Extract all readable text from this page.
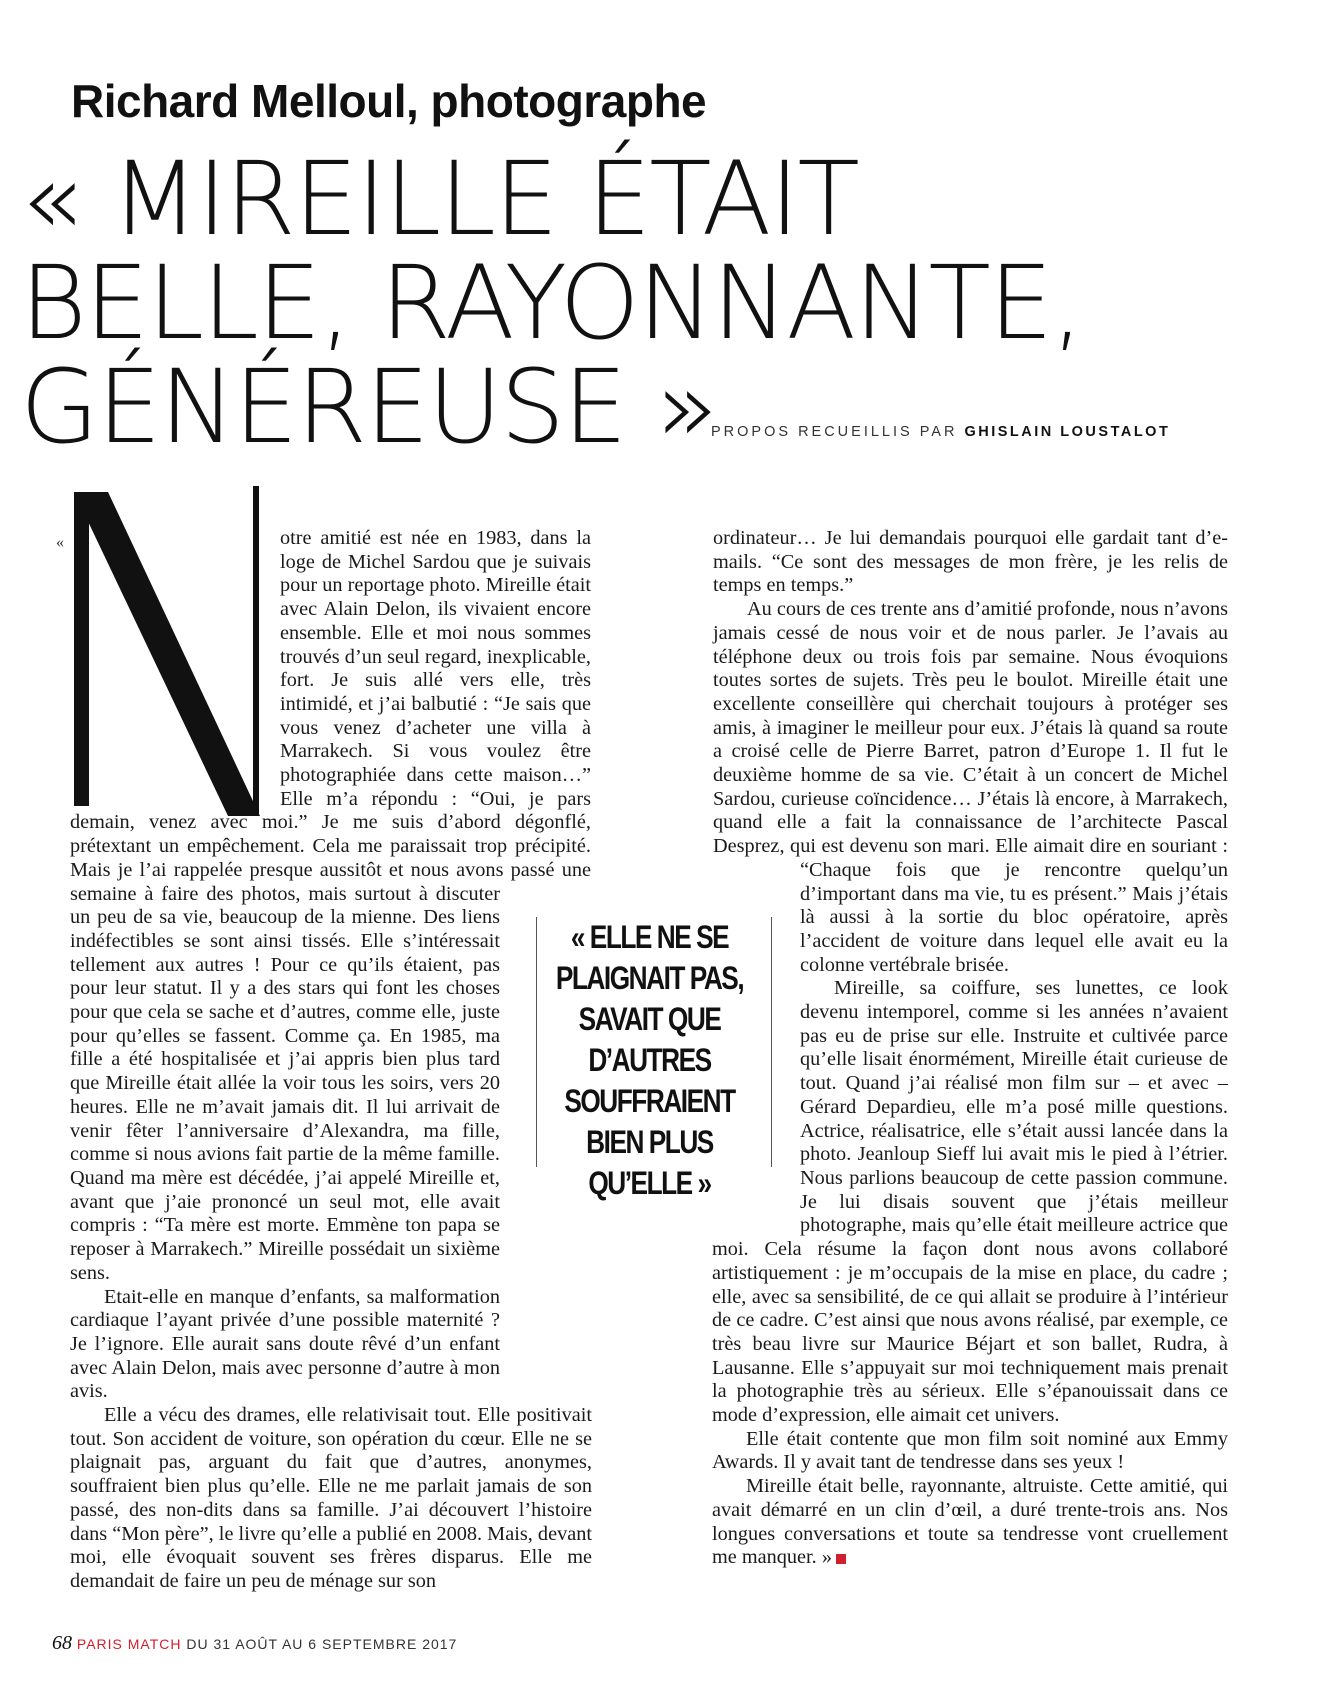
Richard Melloul, photographe
« MIREILLE ÉTAIT
BELLE, RAYONNANTE,
GÉNÉREUSE »
PROPOS RECUEILLIS PAR GHISLAIN LOUSTALOT
«	otre amitié est née en 1983, dans la loge de Michel Sardou que je suivais pour un reportage photo. Mireille était avec Alain Delon, ils vivaient encore ensemble. Elle et moi nous sommes trouvés d’un seul regard, inexplicable, fort. Je suis allé vers elle, très intimidé, et j’ai balbutié : “Je sais que vous venez d’acheter une villa à Marrakech. Si vous voulez être photographiée dans cette maison…” Elle m’a répondu : “Oui, je pars demain, venez avec moi.” Je me suis d’abord dégonflé, prétextant un empêchement. Cela me paraissait trop précipité. Mais je l’ai rappelée presque aussitôt et nous avons passé une semaine à faire des photos, mais surtout à discuter un peu de sa vie, beaucoup de la mienne. Des liens indéfectibles se sont ainsi tissés. Elle s’intéressait tellement aux autres ! Pour ce qu’ils étaient, pas pour leur statut. Il y a des stars qui font les choses pour que cela se sache et d’autres, comme elle, juste pour qu’elles se fassent. Comme ça. En 1985, ma fille a été hospitalisée et j’ai appris bien plus tard que Mireille était allée la voir tous les soirs, vers 20 heures. Elle ne m’avait jamais dit. Il lui arrivait de venir fêter l’anniversaire d’Alexandra, ma fille, comme si nous avions fait partie de la même famille. Quand ma mère est décédée, j’ai appelé Mireille et, avant que j’aie prononcé un seul mot, elle avait compris : “Ta mère est morte. Emmène ton papa se reposer à Marrakech.” Mireille possédait un sixième sens.

Etait-elle en manque d’enfants, sa malformation cardiaque l’ayant privée d’une possible maternité ? Je l’ignore. Elle aurait sans doute rêvé d’un enfant avec Alain Delon, mais avec personne d’autre à mon avis.

Elle a vécu des drames, elle relativisait tout. Elle positivait tout. Son accident de voiture, son opération du cœur. Elle ne se plaignait pas, arguant du fait que d’autres, anonymes, souffraient bien plus qu’elle. Elle ne me parlait jamais de son passé, des non-dits dans sa famille. J’ai découvert l’histoire dans “Mon père”, le livre qu’elle a publié en 2008. Mais, devant moi, elle évoquait souvent ses frères disparus. Elle me demandait de faire un peu de ménage sur son

« ELLE NE SE PLAIGNAIT PAS, SAVAIT QUE D’AUTRES SOUFFRAIENT BIEN PLUS QU’ELLE »

ordinateur… Je lui demandais pourquoi elle gardait tant d’e-mails. “Ce sont des messages de mon frère, je les relis de temps en temps.”

Au cours de ces trente ans d’amitié profonde, nous n’avons jamais cessé de nous voir et de nous parler. Je l’avais au téléphone deux ou trois fois par semaine. Nous évoquions toutes sortes de sujets. Très peu le boulot. Mireille était une excellente conseillère qui cherchait toujours à protéger ses amis, à imaginer le meilleur pour eux. J’étais là quand sa route a croisé celle de Pierre Barret, patron d’Europe 1. Il fut le deuxième homme de sa vie. C’était à un concert de Michel Sardou, curieuse coïncidence… J’étais là encore, à Marrakech, quand elle a fait la connaissance de l’architecte Pascal Desprez, qui est devenu son mari. Elle aimait dire en souriant : “Chaque fois que je rencontre quelqu’un d’important dans ma vie, tu es présent.” Mais j’étais là aussi à la sortie du bloc opératoire, après l’accident de voiture dans lequel elle avait eu la colonne vertébrale brisée.

Mireille, sa coiffure, ses lunettes, ce look devenu intemporel, comme si les années n’avaient pas eu de prise sur elle. Instruite et cultivée parce qu’elle lisait énormément, Mireille était curieuse de tout. Quand j’ai réalisé mon film sur – et avec – Gérard Depardieu, elle m’a posé mille questions. Actrice, réalisatrice, elle s’était aussi lancée dans la photo. Jeanloup Sieff lui avait mis le pied à l’étrier. Nous parlions beaucoup de cette passion commune. Je lui disais souvent que j’étais meilleur photographe, mais qu’elle était meilleure actrice que moi. Cela résume la façon dont nous avons collaboré artistiquement : je m’occupais de la mise en place, du cadre ; elle, avec sa sensibilité, de ce qui allait se produire à l’intérieur de ce cadre. C’est ainsi que nous avons réalisé, par exemple, ce très beau livre sur Maurice Béjart et son ballet, Rudra, à Lausanne. Elle s’appuyait sur moi techniquement mais prenait la photographie très au sérieux. Elle s’épanouissait dans ce mode d’expression, elle aimait cet univers.

Elle était contente que mon film soit nominé aux Emmy Awards. Il y avait tant de tendresse dans ses yeux !

Mireille était belle, rayonnante, altruiste. Cette amitié, qui avait démarré en un clin d’œil, a duré trente-trois ans. Nos longues conversations et toute sa tendresse vont cruellement me manquer. »

68 PARIS MATCH DU 31 AOÛT AU 6 SEPTEMBRE 2017
